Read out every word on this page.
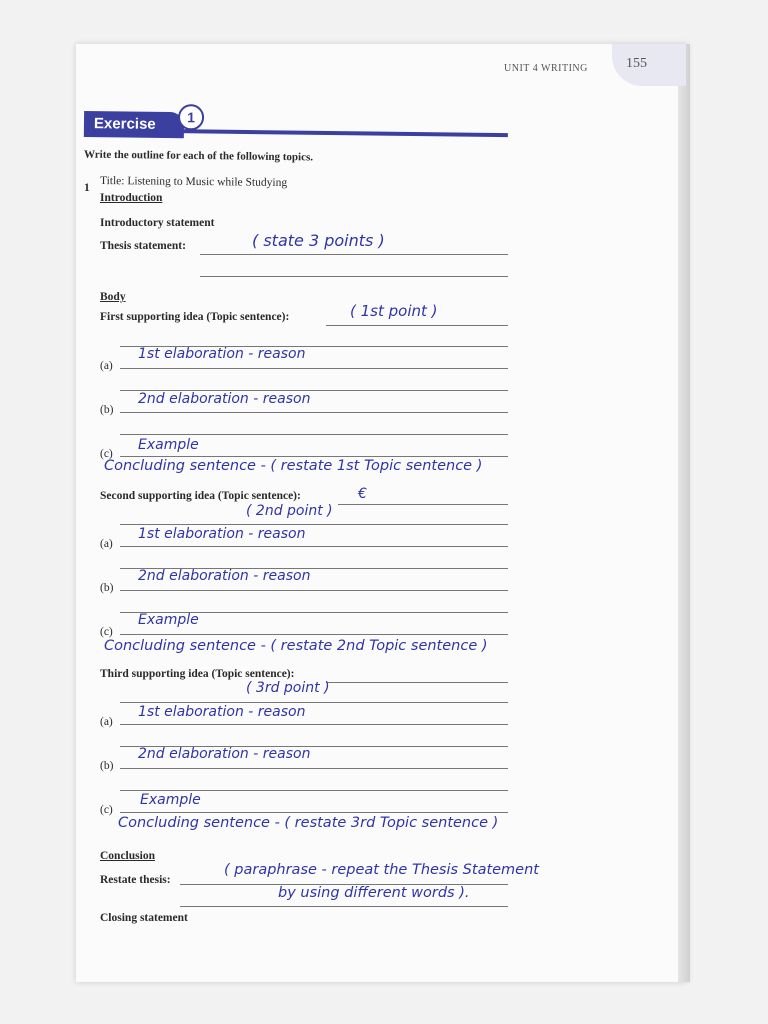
UNIT 4 WRITING	155
Exercise	1
Write the outline for each of the following topics.
1
Title: Listening to Music while Studying
Introduction
Introductory statement
Thesis statement:	( state 3 points )
Body
First supporting idea (Topic sentence):	( 1st point )
(a)
1st elaboration - reason
(b)
2nd elaboration - reason
(c)
Example
Concluding sentence - ( restate 1st Topic sentence )
Second supporting idea (Topic sentence):	€
( 2nd point )
(a)
1st elaboration - reason
(b)
2nd elaboration - reason
(c)
Example
Concluding sentence - ( restate 2nd Topic sentence )
Third supporting idea (Topic sentence):
( 3rd point )
(a)
1st elaboration - reason
(b)
2nd elaboration - reason
(c)
Example
Concluding sentence - ( restate 3rd Topic sentence )
Conclusion
Restate thesis:
( paraphrase - repeat the Thesis Statement
by using different words ).
Closing statement
